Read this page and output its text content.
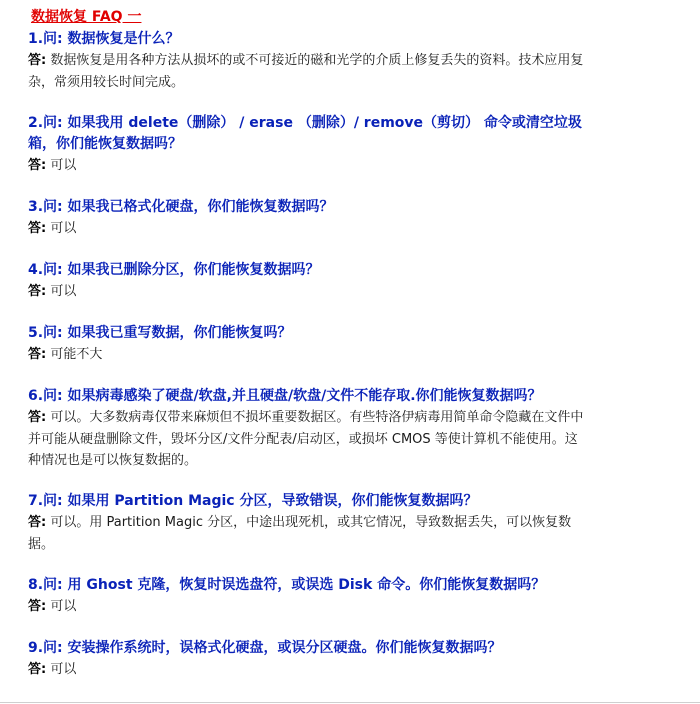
数据恢复 FAQ 一

1.问: 数据恢复是什么？

答: 数据恢复是用各种方法从损坏的或不可接近的磁和光学的介质上修复丢失的资料。技术应用复杂，常须用较长时间完成。

2.问: 如果我用 delete（删除） / erase （删除）/ remove（剪切） 命令或清空垃圾箱，你们能恢复数据吗？

答: 可以

3.问: 如果我已格式化硬盘，你们能恢复数据吗？

答: 可以

4.问: 如果我已删除分区，你们能恢复数据吗？

答: 可以

5.问: 如果我已重写数据，你们能恢复吗？

答: 可能不大

6.问: 如果病毒感染了硬盘/软盘,并且硬盘/软盘/文件不能存取.你们能恢复数据吗？

答: 可以。大多数病毒仅带来麻烦但不损坏重要数据区。有些特洛伊病毒用简单命令隐藏在文件中并可能从硬盘删除文件，毁坏分区/文件分配表/启动区，或损坏 CMOS 等使计算机不能使用。这种情况也是可以恢复数据的。

7.问: 如果用 Partition Magic 分区，导致错误，你们能恢复数据吗？

答: 可以。用 Partition Magic 分区，中途出现死机，或其它情况，导致数据丢失，可以恢复数据。

8.问: 用 Ghost 克隆，恢复时误选盘符，或误选 Disk 命令。你们能恢复数据吗？

答: 可以

9.问: 安装操作系统时，误格式化硬盘，或误分区硬盘。你们能恢复数据吗？

答: 可以
